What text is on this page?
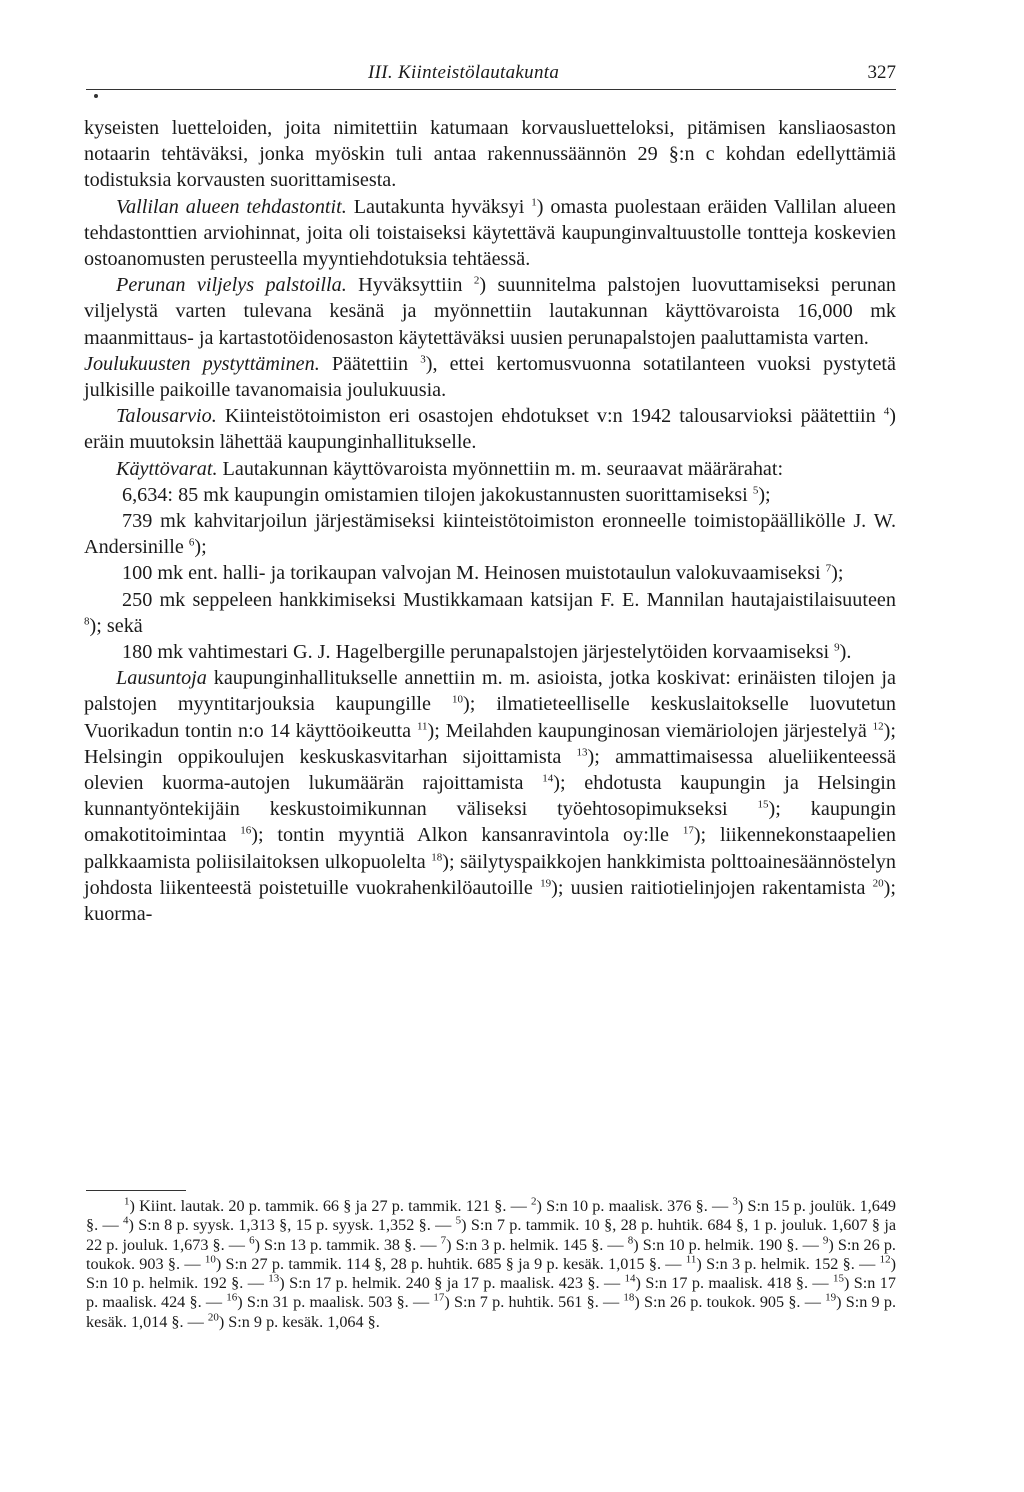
III. Kiinteistölautakunta	327

kyseisten luetteloiden, joita nimitettiin katumaan korvausluetteloksi, pitämisen kansliaosaston notaarin tehtäväksi, jonka myöskin tuli antaa rakennussäännön 29 §:n c kohdan edellyttämiä todistuksia korvausten suorittamisesta.

Vallilan alueen tehdastontit. Lautakunta hyväksyi $^1$) omasta puolestaan eräiden Vallilan alueen tehdastonttien arviohinnat, joita oli toistaiseksi käytettävä kaupunginvaltuustolle tontteja koskevien ostoanomusten perusteella myyntiehdotuksia tehtäessä.

Perunan viljelys palstoilla. Hyväksyttiin $^2$) suunnitelma palstojen luovuttamiseksi perunan viljelystä varten tulevana kesänä ja myönnettiin lautakunnan käyttövaroista 16,000 mk maanmittaus- ja kartastotöidenosaston käytettäväksi uusien perunapalstojen paaluttamista varten.

Joulukuusten pystyttäminen. Päätettiin $^3$), ettei kertomusvuonna sotatilanteen vuoksi pystytetä julkisille paikoille tavanomaisia joulukuusia.

Talousarvio. Kiinteistötoimiston eri osastojen ehdotukset v:n 1942 talousarvioksi päätettiin $^4$) eräin muutoksin lähettää kaupunginhallitukselle.

Käyttövarat. Lautakunnan käyttövaroista myönnettiin m. m. seuraavat määrärahat:

6,634: 85 mk kaupungin omistamien tilojen jakokustannusten suorittamiseksi $^5$);

739 mk kahvitarjoilun järjestämiseksi kiinteistötoimiston eronneelle toimistopäällikölle J. W. Andersinille $^6$);

100 mk ent. halli- ja torikaupan valvojan M. Heinosen muistotaulun valokuvaamiseksi $^7$);

250 mk seppeleen hankkimiseksi Mustikkamaan katsijan F. E. Mannilan hautajaistilaisuuteen $^8$); sekä

180 mk vahtimestari G. J. Hagelbergille perunapalstojen järjestelytöiden korvaamiseksi $^9$).

Lausuntoja kaupunginhallitukselle annettiin m. m. asioista, jotka koskivat: erinäisten tilojen ja palstojen myyntitarjouksia kaupungille $^{10}$); ilmatieteelliselle keskuslaitokselle luovutetun Vuorikadun tontin n:o 14 käyttöoikeutta $^{11}$); Meilahden kaupunginosan viemäriolojen järjestelyä $^{12}$); Helsingin oppikoulujen keskuskasvitarhan sijoittamista $^{13}$); ammattimaisessa alueliikenteessä olevien kuorma-autojen lukumäärän rajoittamista $^{14}$); ehdotusta kaupungin ja Helsingin kunnantyöntekijäin keskustoimikunnan väliseksi työehtosopimukseksi $^{15}$); kaupungin omakotitoimintaa $^{16}$); tontin myyntiä Alkon kansanravintola oy:lle $^{17}$); liikennekonstaapelien palkkaamista poliisilaitoksen ulkopuolelta $^{18}$); säilytyspaikkojen hankkimista polttoainesäännöstelyn johdosta liikenteestä poistetuille vuokrahenkilöautoille $^{19}$); uusien raitiotielinjojen rakentamista $^{20}$); kuorma-

$^1$) Kiint. lautak. 20 p. tammik. 66 § ja 27 p. tammik. 121 §. — $^2$) S:n 10 p. maalisk. 376 §. — $^3$) S:n 15 p. joulük. 1,649 §. — $^4$) S:n 8 p. syysk. 1,313 §, 15 p. syysk. 1,352 §. — $^5$) S:n 7 p. tammik. 10 §, 28 p. huhtik. 684 §, 1 p. jouluk. 1,607 § ja 22 p. jouluk. 1,673 §. — $^6$) S:n 13 p. tammik. 38 §. — $^7$) S:n 3 p. helmik. 145 §. — $^8$) S:n 10 p. helmik. 190 §. — $^9$) S:n 26 p. toukok. 903 §. — $^{10}$) S:n 27 p. tammik. 114 §, 28 p. huhtik. 685 § ja 9 p. kesäk. 1,015 §. — $^{11}$) S:n 3 p. helmik. 152 §. — $^{12}$) S:n 10 p. helmik. 192 §. — $^{13}$) S:n 17 p. helmik. 240 § ja 17 p. maalisk. 423 §. — $^{14}$) S:n 17 p. maalisk. 418 §. — $^{15}$) S:n 17 p. maalisk. 424 §. — $^{16}$) S:n 31 p. maalisk. 503 §. — $^{17}$) S:n 7 p. huhtik. 561 §. — $^{18}$) S:n 26 p. toukok. 905 §. — $^{19}$) S:n 9 p. kesäk. 1,014 §. — $^{20}$) S:n 9 p. kesäk. 1,064 §.
